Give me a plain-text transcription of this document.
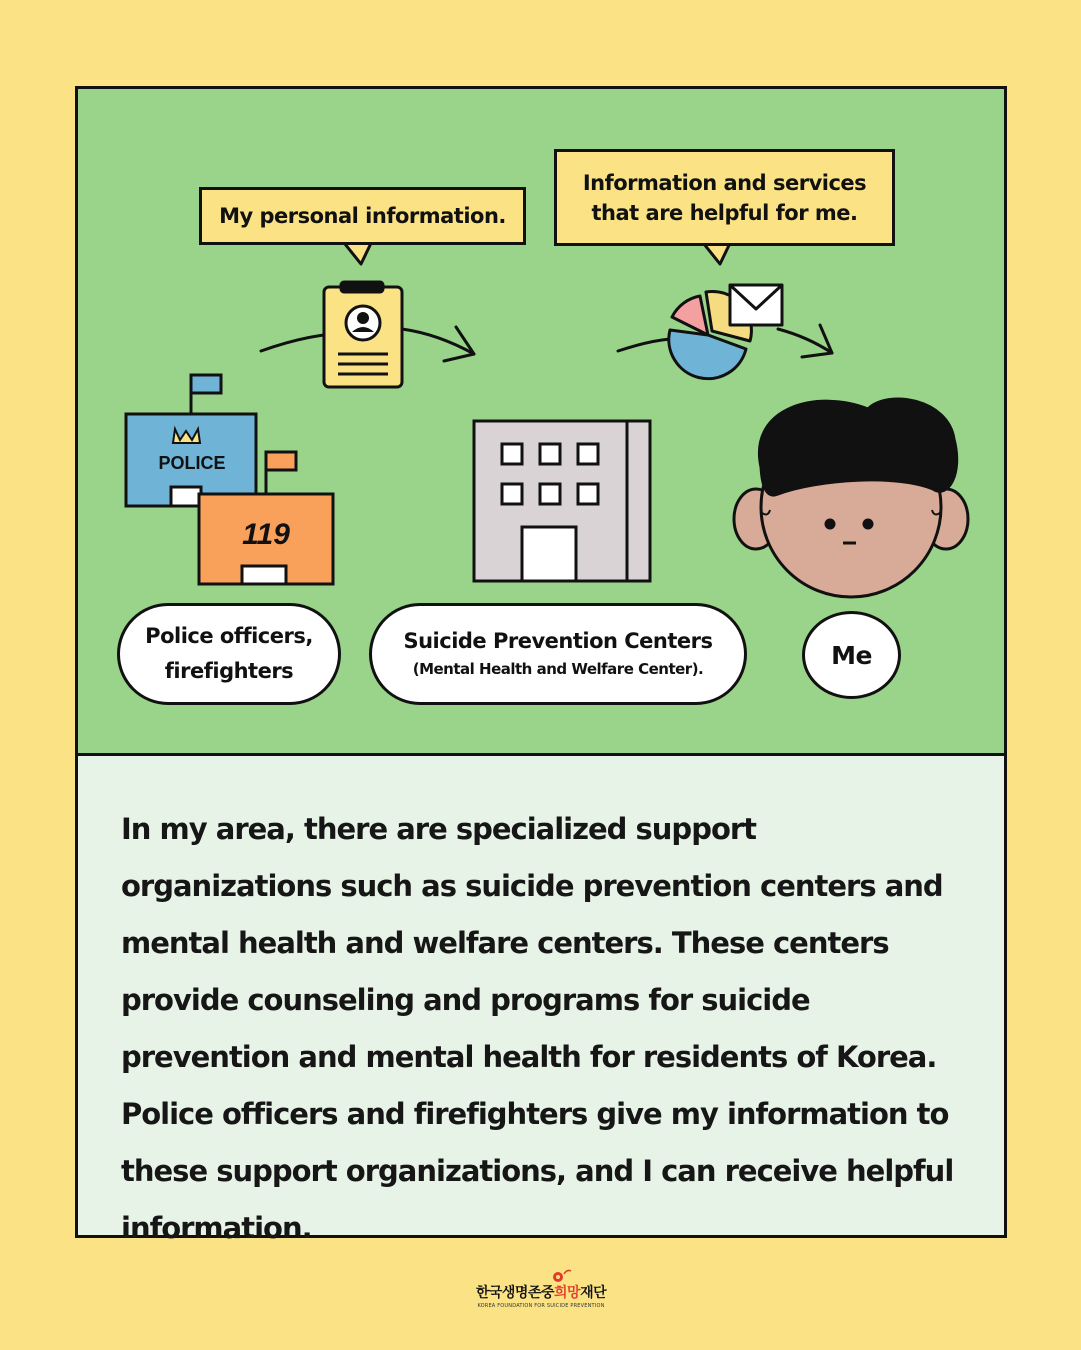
POLICE
119
My personal information.
Information and services
that are helpful for me.
Police officers,
firefighters
Suicide Prevention Centers
(Mental Health and Welfare Center).	Me

In my area, there are specialized support organizations such as suicide prevention centers and mental health and welfare centers. These centers provide counseling and programs for suicide prevention and mental health for residents of Korea. Police officers and firefighters give my information to these support organizations, and I can receive helpful information.

한국생명존중희망재단
KOREA FOUNDATION FOR SUICIDE PREVENTION
